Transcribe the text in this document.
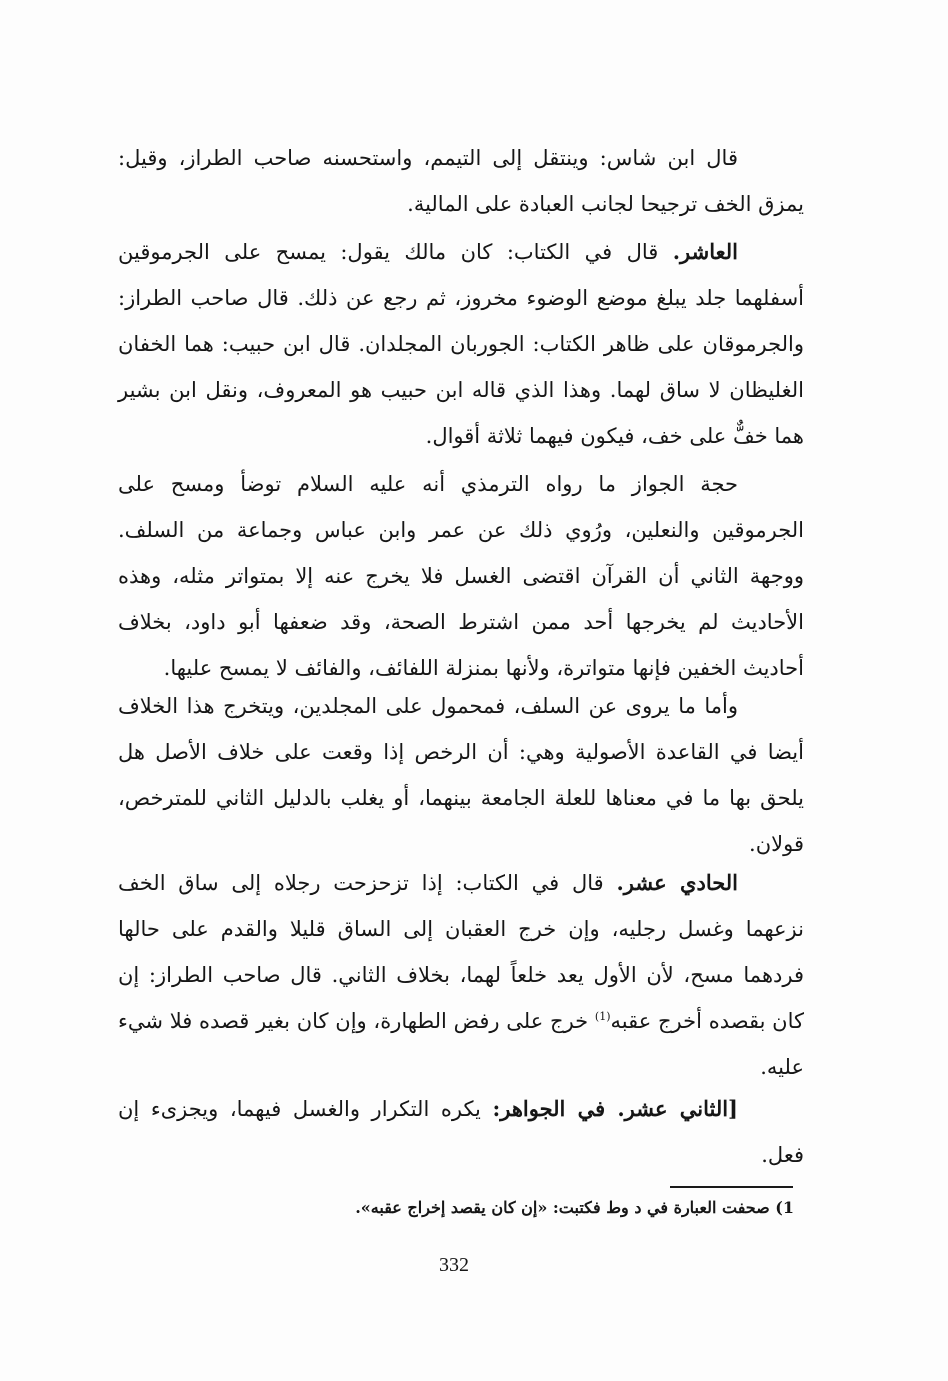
قال ابن شاس: وينتقل إلى التيمم، واستحسنه صاحب الطراز، وقيل: يمزق الخف ترجيحا لجانب العبادة على المالية.

العاشر. قال في الكتاب: كان مالك يقول: يمسح على الجرموقين أسفلهما جلد يبلغ موضع الوضوء مخروز، ثم رجع عن ذلك. قال صاحب الطراز: والجرموقان على ظاهر الكتاب: الجوربان المجلدان. قال ابن حبيب: هما الخفان الغليظان لا ساق لهما. وهذا الذي قاله ابن حبيب هو المعروف، ونقل ابن بشير هما خفٌّ على خف، فيكون فيهما ثلاثة أقوال.

حجة الجواز ما رواه الترمذي أنه عليه السلام توضأ ومسح على الجرموقين والنعلين، ورُوي ذلك عن عمر وابن عباس وجماعة من السلف. ووجهة الثاني أن القرآن اقتضى الغسل فلا يخرج عنه إلا بمتواتر مثله، وهذه الأحاديث لم يخرجها أحد ممن اشترط الصحة، وقد ضعفها أبو داود، بخلاف أحاديث الخفين فإنها متواترة، ولأنها بمنزلة اللفائف، والفائف لا يمسح عليها.

وأما ما يروى عن السلف، فمحمول على المجلدين، ويتخرج هذا الخلاف أيضا في القاعدة الأصولية وهي: أن الرخص إذا وقعت على خلاف الأصل هل يلحق بها ما في معناها للعلة الجامعة بينهما، أو يغلب بالدليل الثاني للمترخص، قولان.

الحادي عشر. قال في الكتاب: إذا تزحزحت رجلاه إلى ساق الخف نزعهما وغسل رجليه، وإن خرج العقبان إلى الساق قليلا والقدم على حالها فردهما مسح، لأن الأول يعد خلعاً لهما، بخلاف الثاني. قال صاحب الطراز: إن كان بقصده أخرج عقبه$^{(1)}$ خرج على رفض الطهارة، وإن كان بغير قصده فلا شيء عليه.

[الثاني عشر. في الجواهر: يكره التكرار والغسل فيهما، ويجزىء إن فعل.

1) صحفت العبارة في د وط فكتبت: «إن كان يقصد إخراج عقبه».
332
